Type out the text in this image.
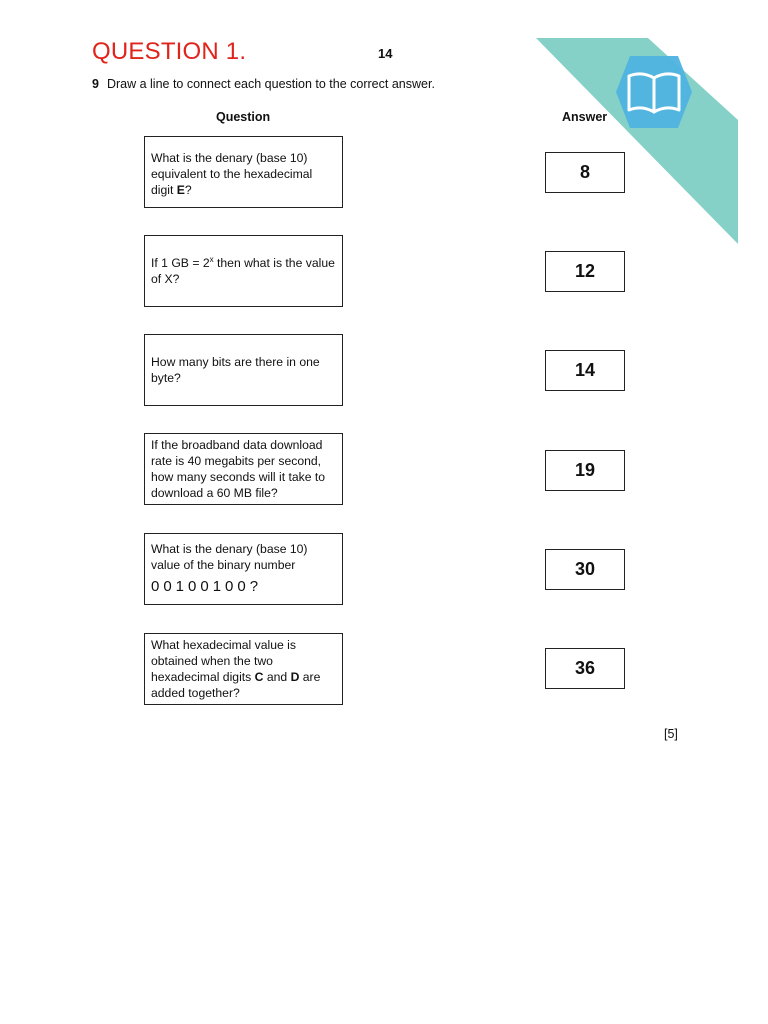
QUESTION 1.	14
9 Draw a line to connect each question to the correct answer.
Question	Answer
What is the denary (base 10) equivalent to the hexadecimal digit E?
If 1 GB = $2^x$ then what is the value of X?
How many bits are there in one byte?
If the broadband data download rate is 40 megabits per second, how many seconds will it take to download a 60 MB file?
What is the denary (base 10) value of the binary number
00100100?
What hexadecimal value is obtained when the two hexadecimal digits C and D are added together?
8
12
14
19
30
36
[5]
